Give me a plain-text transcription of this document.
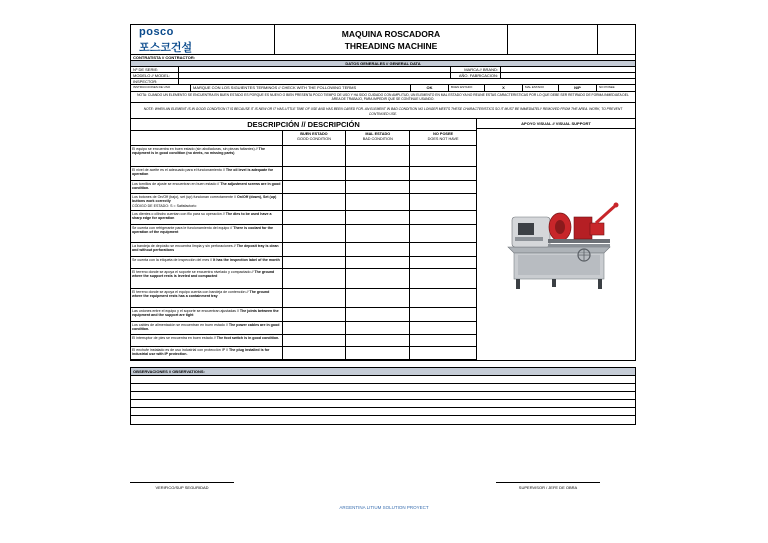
posco
포스코건설
MAQUINA ROSCADORA
THREADING MACHINE
CONTRATISTA // CONTRACTOR:
DATOS GENERALES // GENERAL DATA
Nº DE SERIE:	MARCA // BRAND:
MODELO // MODEL:	AÑO. FABRICACION:
INSPECTOR:
INSTRUCCIONES DE USO	MARQUE CON LOS SIGUIENTES TERMINOS // CHECK WITH THE FOLLOWING TERMS	OK	BUEN ESTADO	X	MAL ESTADO	N/P	NO POSEE
NOTA: CUANDO UN ELEMENTO SE ENCUENTRA EN BUEN ESTADO ES PORQUE ES NUEVO O BIEN PRESENTA POCO TIEMPO DE USO Y HA SIDO CUIDADO CON AMPLITUD, UN ELEMENTO EN MAL ESTADO YA NO REUNE ESTAS CARACTERISTICAS POR LO QUE DEBE SER RETIRADO DE FORMA INMEDIATA DEL ÁREA DE TRABAJO, PARA IMPEDIR QUE SE CONTINUE USANDO.
NOTE: WHEN AN ELEMENT IS IN GOOD CONDITION IT IS BECAUSE IT IS NEW OR IT HAS LITTLE TIME OF USE AND HAS BEEN CARED FOR. AN ELEMENT IN BAD CONDITION NO LONGER MEETS THESE CHARACTERISTICS SO IT MUST BE IMMEDIATELY REMOVED FROM THE AREA. WORK, TO PREVENT CONTINUED USE.
DESCRIPCIÓN // DESCRIPCIÓN
BUEN ESTADO
GOOD CONDITION
MAL ESTADO
BAD CONDITION
NO POSEE
DOES NOT HAVE
El equipo se encuentra en buen estado (sin abolladuras, sin piezas faltantes) // The equipment is in good condition (no dents, no missing parts)
El nivel de aceite es el adecuado para el funcionamiento // The oil level is adequate for operation
Los tornillos de ajuste se encuentran en buen estado // The adjustment screws are in good condition.
Los botones de On/Off (bajo), set (up) funcionan correctamente // On/Off (down), Set (up) buttons work correctly
CÓDIGO DE ESTADO: S = Satisfactorio
Los dientes o cilindro cuentan con filo para su operación // The dies to be used have a sharp edge for operation
Se cuenta con refrigerante para le funcionamiento del equipo // There is coolant for the operation of the equipment
La bandeja de depósito se encuentra limpia y sin perforaciones // The deposit tray is clean and without perforations
Se cuenta con la etiqueta de inspección del mes // It has the inspection label of the month
El terreno donde se apoya el soporte se encuentra nivelado y compactado // The ground where the support rests is leveled and compacted
El terreno donde se apoya el equipo cuenta con bandeja de contención // The ground where the equipment rests has a containment tray
Las uniones entre el equipo y el soporte se encuentran ajustadas // The joints between the equipment and the support are tight
Los cables de alimentación se encuentran en buen estado // The power cables are in good condition.
El interruptor de pies se encuentra en buen estado // The foot switch is in good condition.
El enchufe instalado es de uso industrial con protección IP // The plug installed is for industrial use with IP protection.
APOYO VISUAL // VISUAL SUPPORT
OBSERVACIONES // OBSERVATIONS:
VERIFICO/SUP SEGURIDAD	SUPERVISOR / JEFE DE OBRA
ARGENTINA LITIUM SOLUTION PROYECT
